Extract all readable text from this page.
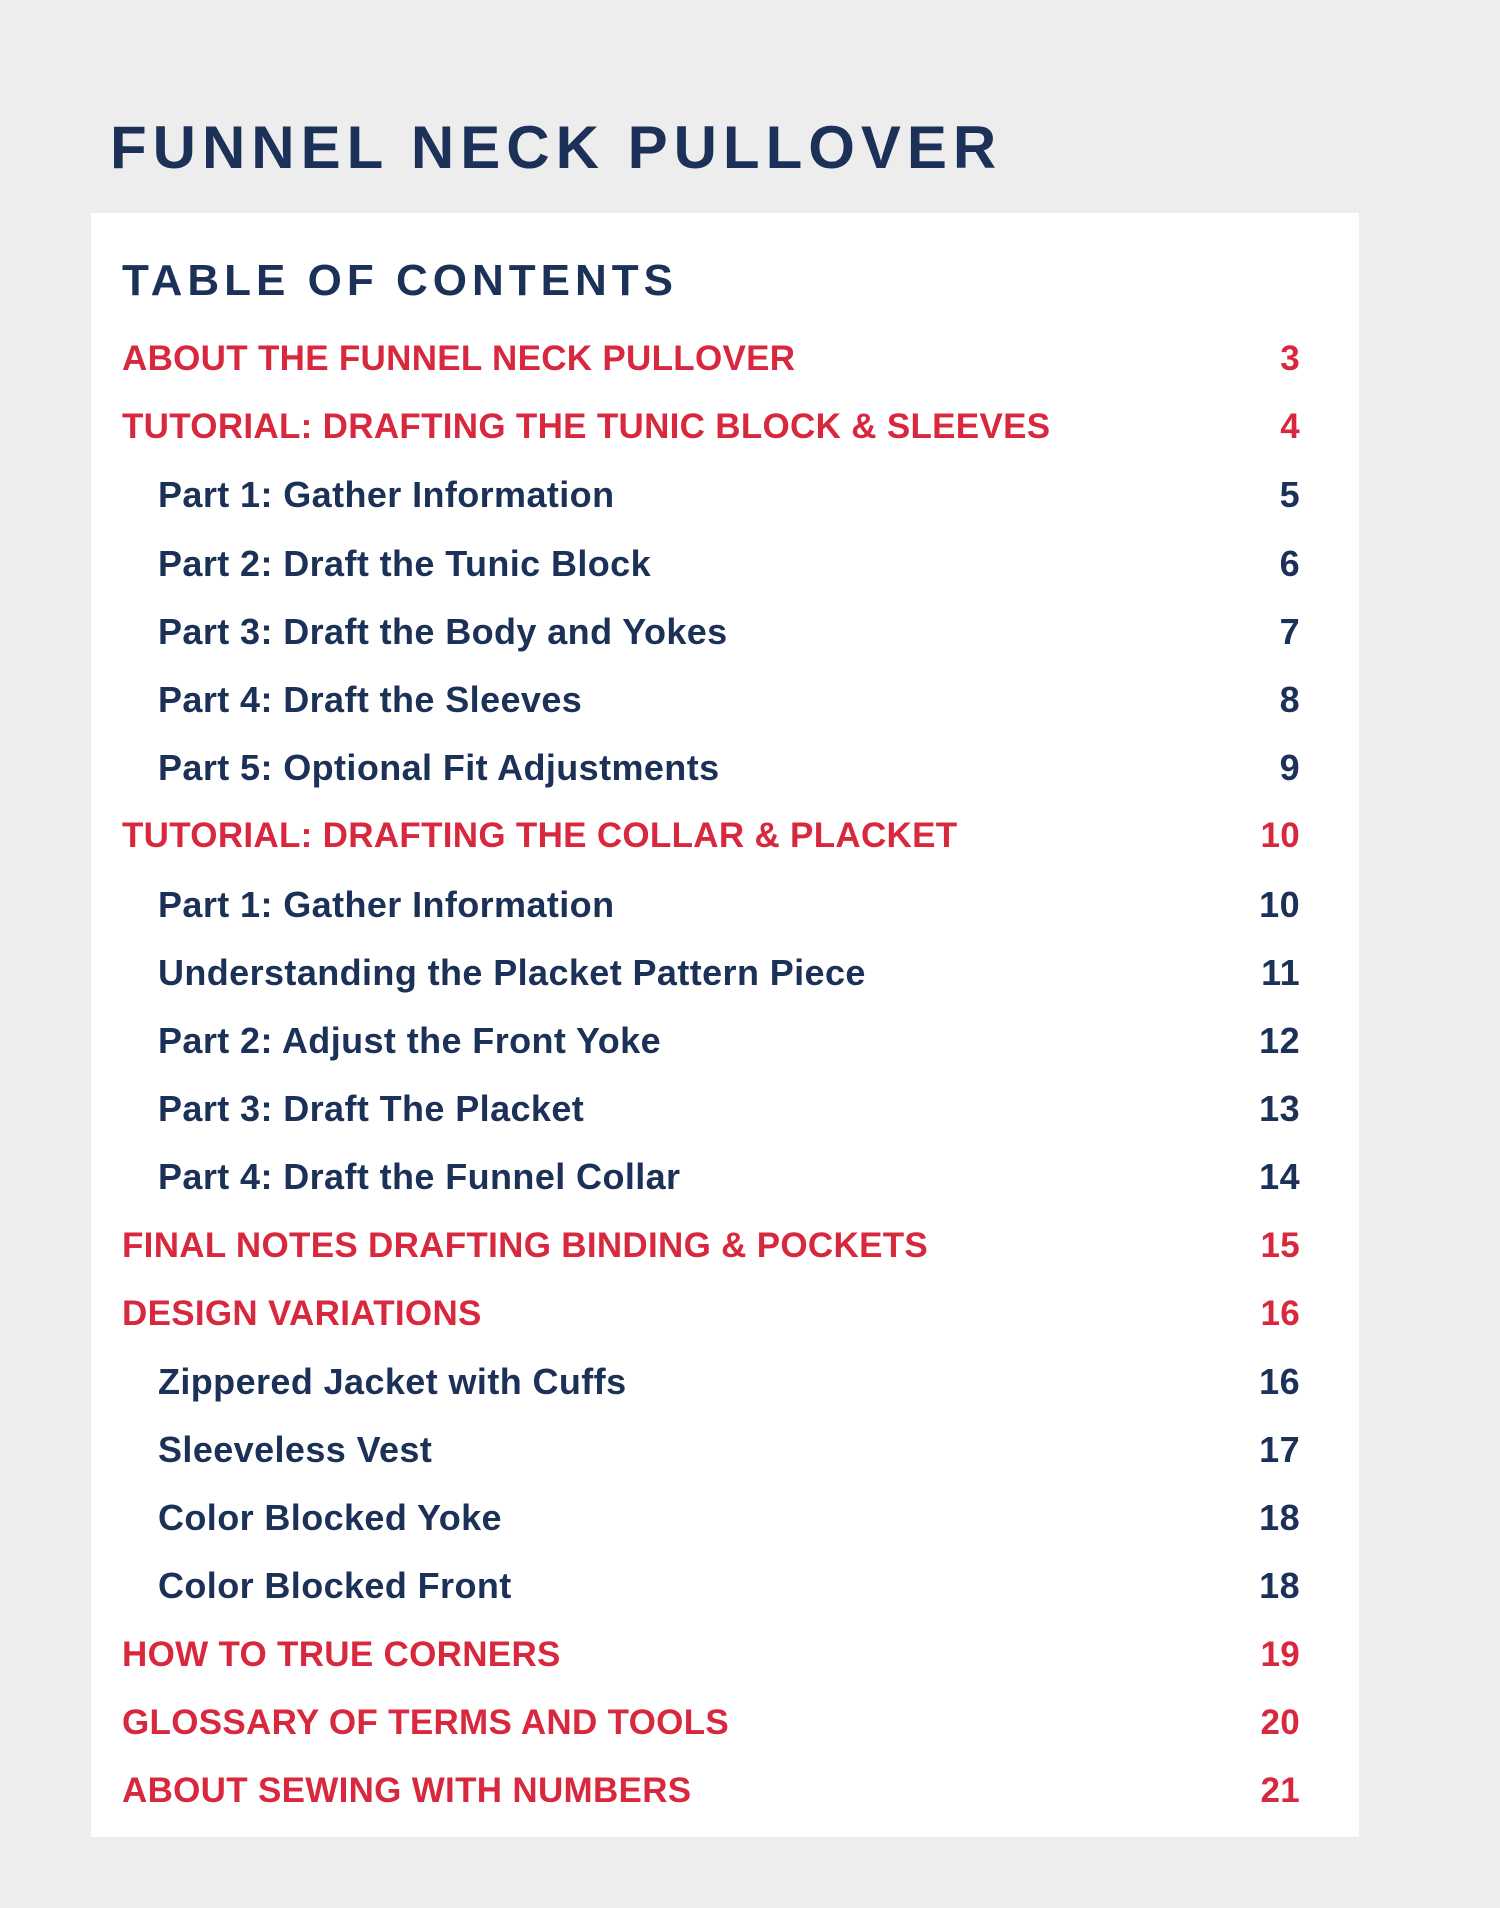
FUNNEL NECK PULLOVER
TABLE OF CONTENTS
ABOUT THE FUNNEL NECK PULLOVER	3
TUTORIAL: DRAFTING THE TUNIC BLOCK & SLEEVES	4
Part 1: Gather Information	5
Part 2: Draft the Tunic Block	6
Part 3: Draft the Body and Yokes	7
Part 4: Draft the Sleeves	8
Part 5: Optional Fit Adjustments	9
TUTORIAL: DRAFTING THE COLLAR & PLACKET	10
Part 1: Gather Information	10
Understanding the Placket Pattern Piece	11
Part 2: Adjust the Front Yoke	12
Part 3: Draft The Placket	13
Part 4: Draft the Funnel Collar	14
FINAL NOTES DRAFTING BINDING & POCKETS	15
DESIGN VARIATIONS	16
Zippered Jacket with Cuffs	16
Sleeveless Vest	17
Color Blocked Yoke	18
Color Blocked Front	18
HOW TO TRUE CORNERS	19
GLOSSARY OF TERMS AND TOOLS	20
ABOUT SEWING WITH NUMBERS	21
